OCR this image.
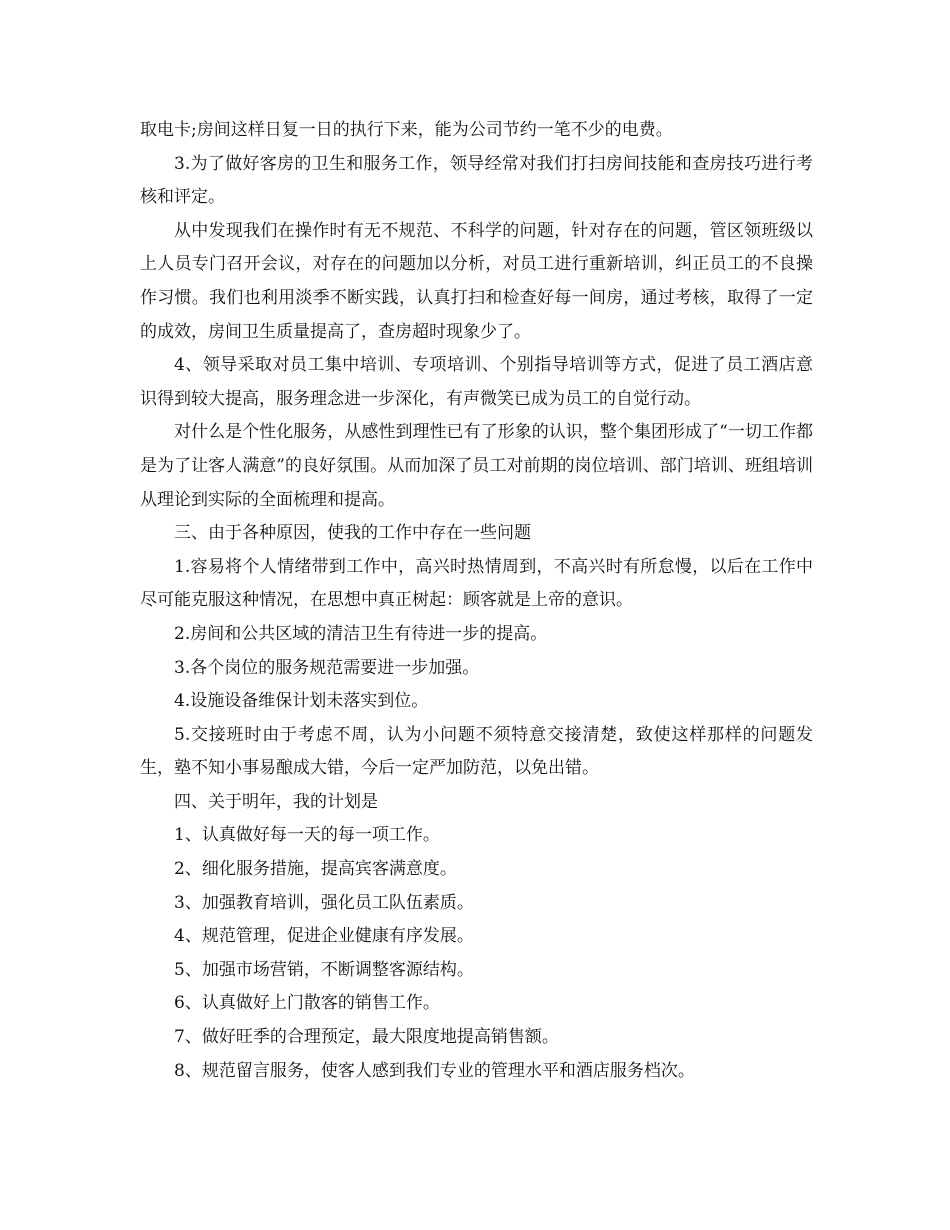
取电卡;房间这样日复一日的执行下来，能为公司节约一笔不少的电费。

3.为了做好客房的卫生和服务工作，领导经常对我们打扫房间技能和查房技巧进行考核和评定。

从中发现我们在操作时有无不规范、不科学的问题，针对存在的问题，管区领班级以上人员专门召开会议，对存在的问题加以分析，对员工进行重新培训，纠正员工的不良操作习惯。我们也利用淡季不断实践，认真打扫和检查好每一间房，通过考核，取得了一定的成效，房间卫生质量提高了，查房超时现象少了。

4、领导采取对员工集中培训、专项培训、个别指导培训等方式，促进了员工酒店意识得到较大提高，服务理念进一步深化，有声微笑已成为员工的自觉行动。

对什么是个性化服务，从感性到理性已有了形象的认识，整个集团形成了“一切工作都是为了让客人满意”的良好氛围。从而加深了员工对前期的岗位培训、部门培训、班组培训从理论到实际的全面梳理和提高。

三、由于各种原因，使我的工作中存在一些问题

1.容易将个人情绪带到工作中，高兴时热情周到，不高兴时有所怠慢，以后在工作中尽可能克服这种情况，在思想中真正树起：顾客就是上帝的意识。

2.房间和公共区域的清洁卫生有待进一步的提高。

3.各个岗位的服务规范需要进一步加强。

4.设施设备维保计划未落实到位。

5.交接班时由于考虑不周，认为小问题不须特意交接清楚，致使这样那样的问题发生，塾不知小事易酿成大错，今后一定严加防范，以免出错。

四、关于明年，我的计划是

1、认真做好每一天的每一项工作。

2、细化服务措施，提高宾客满意度。

3、加强教育培训，强化员工队伍素质。

4、规范管理，促进企业健康有序发展。

5、加强市场营销，不断调整客源结构。

6、认真做好上门散客的销售工作。

7、做好旺季的合理预定，最大限度地提高销售额。

8、规范留言服务，使客人感到我们专业的管理水平和酒店服务档次。
